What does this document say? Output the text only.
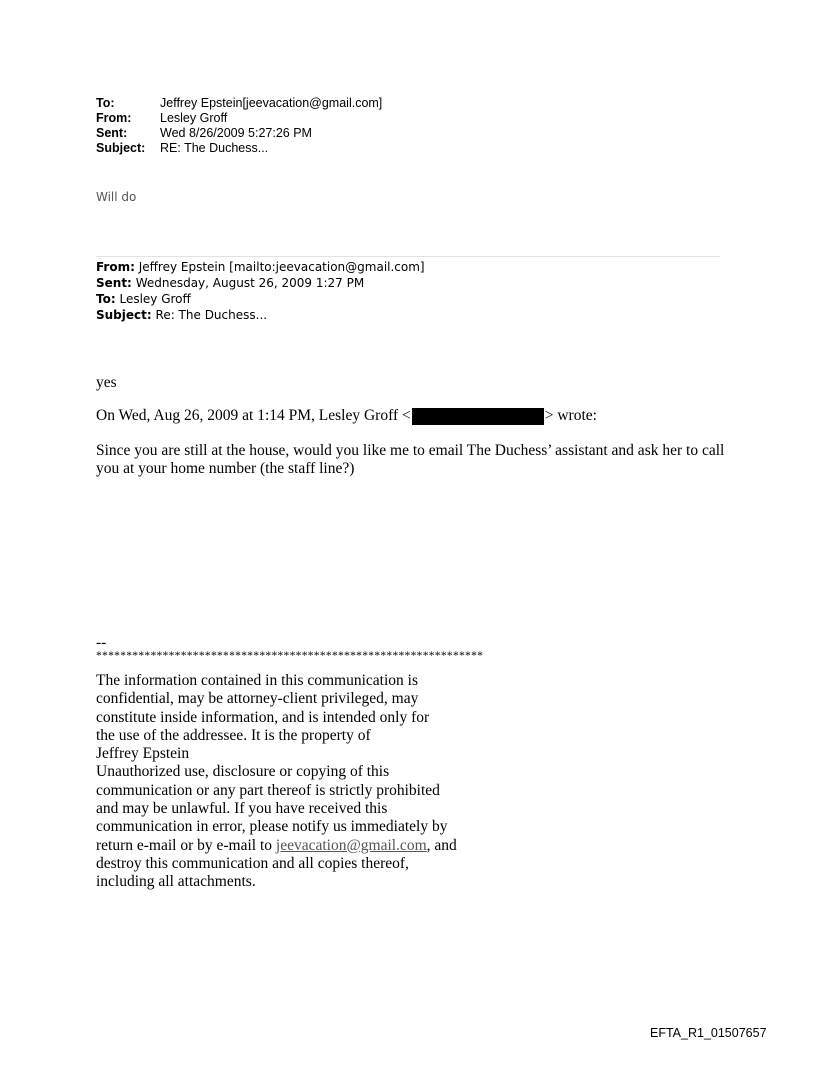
To:	Jeffrey Epstein[jeevacation@gmail.com]
From:	Lesley Groff
Sent:	Wed 8/26/2009 5:27:26 PM
Subject:	RE: The Duchess...
Will do
From: Jeffrey Epstein [mailto:jeevacation@gmail.com]
Sent: Wednesday, August 26, 2009 1:27 PM
To: Lesley Groff
Subject: Re: The Duchess...
yes
On Wed, Aug 26, 2009 at 1:14 PM, Lesley Groff <	> wrote:
Since you are still at the house, would you like me to email The Duchess’ assistant and ask her to call you at your home number (the staff line?)
--
****************************************************************
The information contained in this communication is
confidential, may be attorney-client privileged, may
constitute inside information, and is intended only for
the use of the addressee. It is the property of
Jeffrey Epstein
Unauthorized use, disclosure or copying of this
communication or any part thereof is strictly prohibited
and may be unlawful. If you have received this
communication in error, please notify us immediately by
return e-mail or by e-mail to jeevacation@gmail.com, and
destroy this communication and all copies thereof,
including all attachments.
EFTA_R1_01507657
